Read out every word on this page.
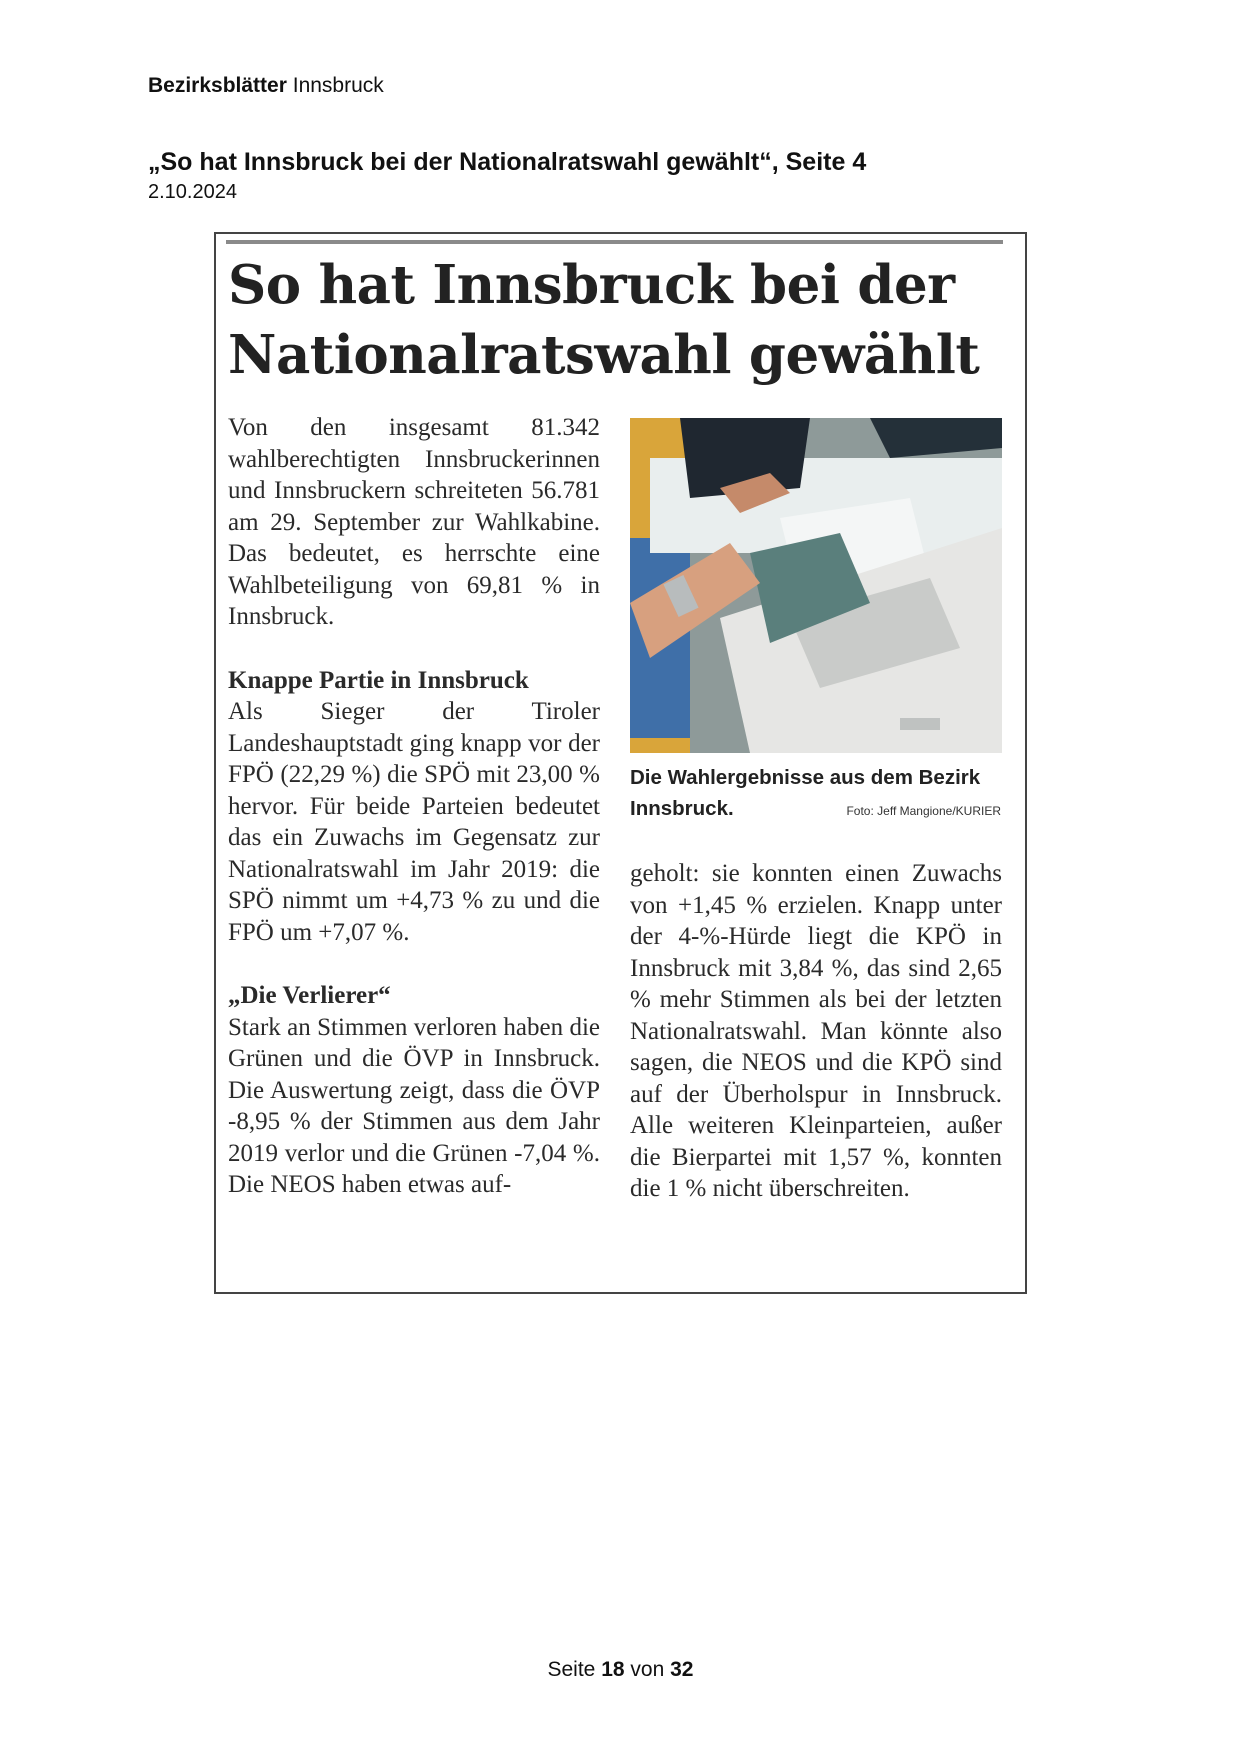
Bezirksblätter Innsbruck
„So hat Innsbruck bei der Nationalratswahl gewählt“, Seite 4
2.10.2024
So hat Innsbruck bei der
Nationalratswahl gewählt

Von den insgesamt 81.342 wahlberechtigten Innsbruckerinnen und Innsbruckern schreiteten 56.781 am 29. September zur Wahlkabine. Das bedeutet, es herrschte eine Wahlbeteiligung von 69,81 % in Innsbruck.

Knappe Partie in Innsbruck

Als Sieger der Tiroler Landeshauptstadt ging knapp vor der FPÖ (22,29 %) die SPÖ mit 23,00 % hervor. Für beide Parteien bedeutet das ein Zuwachs im Gegensatz zur Nationalratswahl im Jahr 2019: die SPÖ nimmt um +4,73 % zu und die FPÖ um +7,07 %.

„Die Verlierer“

Stark an Stimmen verloren haben die Grünen und die ÖVP in Innsbruck. Die Auswertung zeigt, dass die ÖVP -8,95 % der Stimmen aus dem Jahr 2019 verlor und die Grünen -7,04 %. Die NEOS haben etwas auf-

Die Wahlergebnisse aus dem Bezirk Innsbruck.	Foto: Jeff Mangione/KURIER

geholt: sie konnten einen Zuwachs von +1,45 % erzielen. Knapp unter der 4-%-Hürde liegt die KPÖ in Innsbruck mit 3,84 %, das sind 2,65 % mehr Stimmen als bei der letzten Nationalratswahl. Man könnte also sagen, die NEOS und die KPÖ sind auf der Überholspur in Innsbruck. Alle weiteren Kleinparteien, außer die Bierpartei mit 1,57 %, konnten die 1 % nicht überschreiten.

Seite 18 von 32
